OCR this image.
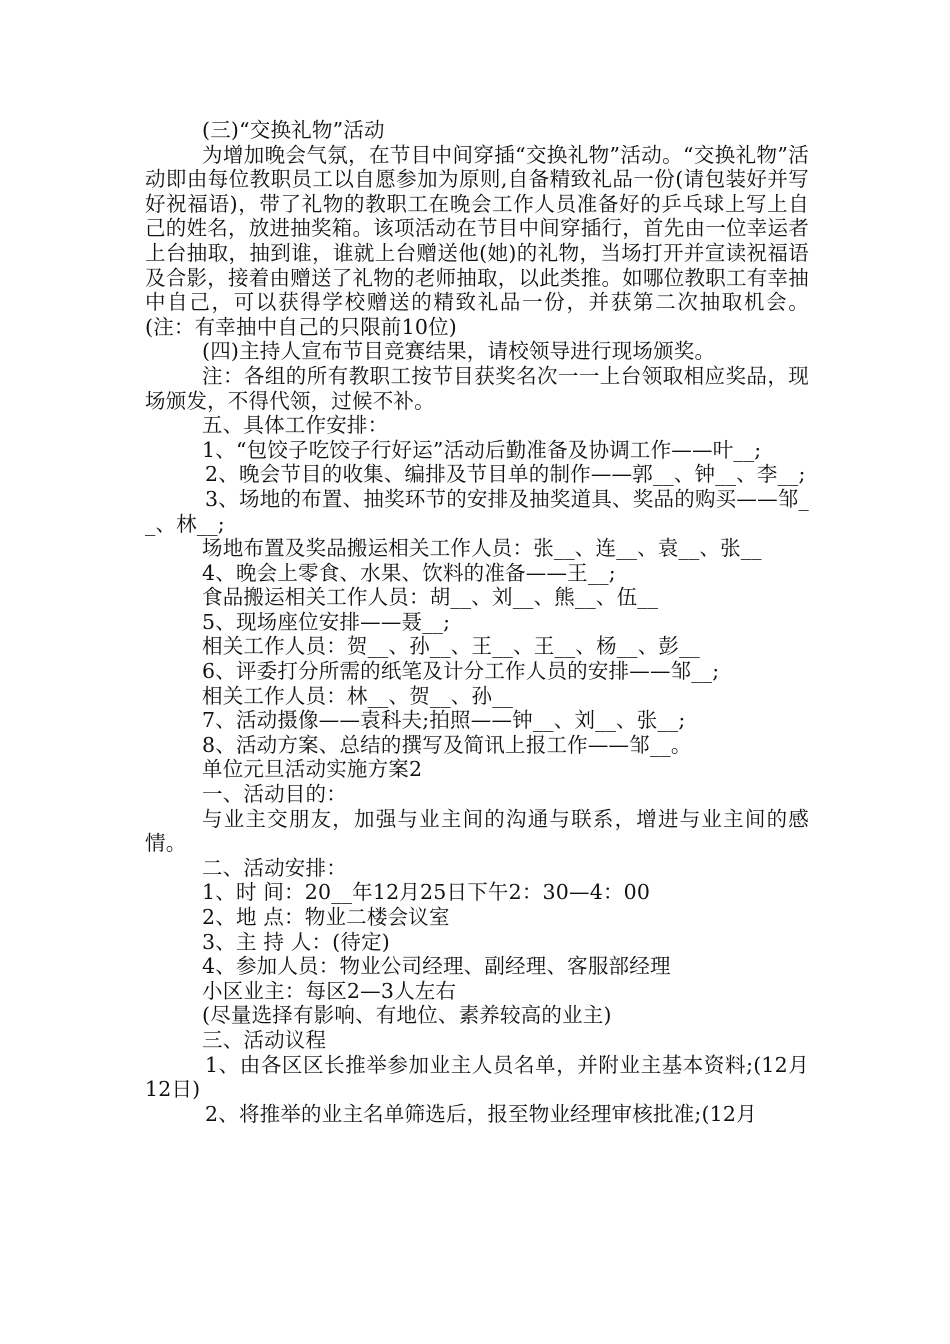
(三)“交换礼物”活动

为增加晚会气氛，在节目中间穿插“交换礼物”活动。“交换礼物”活动即由每位教职员工以自愿参加为原则,自备精致礼品一份(请包装好并写好祝福语)，带了礼物的教职工在晚会工作人员准备好的乒乓球上写上自己的姓名，放进抽奖箱。该项活动在节目中间穿插行，首先由一位幸运者上台抽取，抽到谁，谁就上台赠送他(她)的礼物，当场打开并宣读祝福语及合影，接着由赠送了礼物的老师抽取，以此类推。如哪位教职工有幸抽中自己，可以获得学校赠送的精致礼品一份，并获第二次抽取机会。(注：有幸抽中自己的只限前10位)

(四)主持人宣布节目竞赛结果，请校领导进行现场颁奖。

注：各组的所有教职工按节目获奖名次一一上台领取相应奖品，现场颁发，不得代领，过候不补。

五、具体工作安排：

1、“包饺子吃饺子行好运”活动后勤准备及协调工作——叶__;

2、晚会节目的收集、编排及节目单的制作——郭__、钟__、李__;

3、场地的布置、抽奖环节的安排及抽奖道具、奖品的购买——邹__、林__;

场地布置及奖品搬运相关工作人员：张__、连__、袁__、张__

4、晚会上零食、水果、饮料的准备——王__;

食品搬运相关工作人员：胡__、刘__、熊__、伍__

5、现场座位安排——聂__;

相关工作人员：贺__、孙__、王__、王__、杨__、彭__

6、评委打分所需的纸笔及计分工作人员的安排——邹__;

相关工作人员：林__、贺__、孙__

7、活动摄像——袁科夫;拍照——钟__、刘__、张__;

8、活动方案、总结的撰写及简讯上报工作——邹__。

单位元旦活动实施方案2

一、活动目的：

与业主交朋友，加强与业主间的沟通与联系，增进与业主间的感情。

二、活动安排：

1、时 间：20__年12月25日下午2：30—4：00

2、地 点：物业二楼会议室

3、主 持 人：(待定)

4、参加人员：物业公司经理、副经理、客服部经理

小区业主：每区2—3人左右

(尽量选择有影响、有地位、素养较高的业主)

三、活动议程

1、由各区区长推举参加业主人员名单，并附业主基本资料;(12月12日)

2、将推举的业主名单筛选后，报至物业经理审核批准;(12月
